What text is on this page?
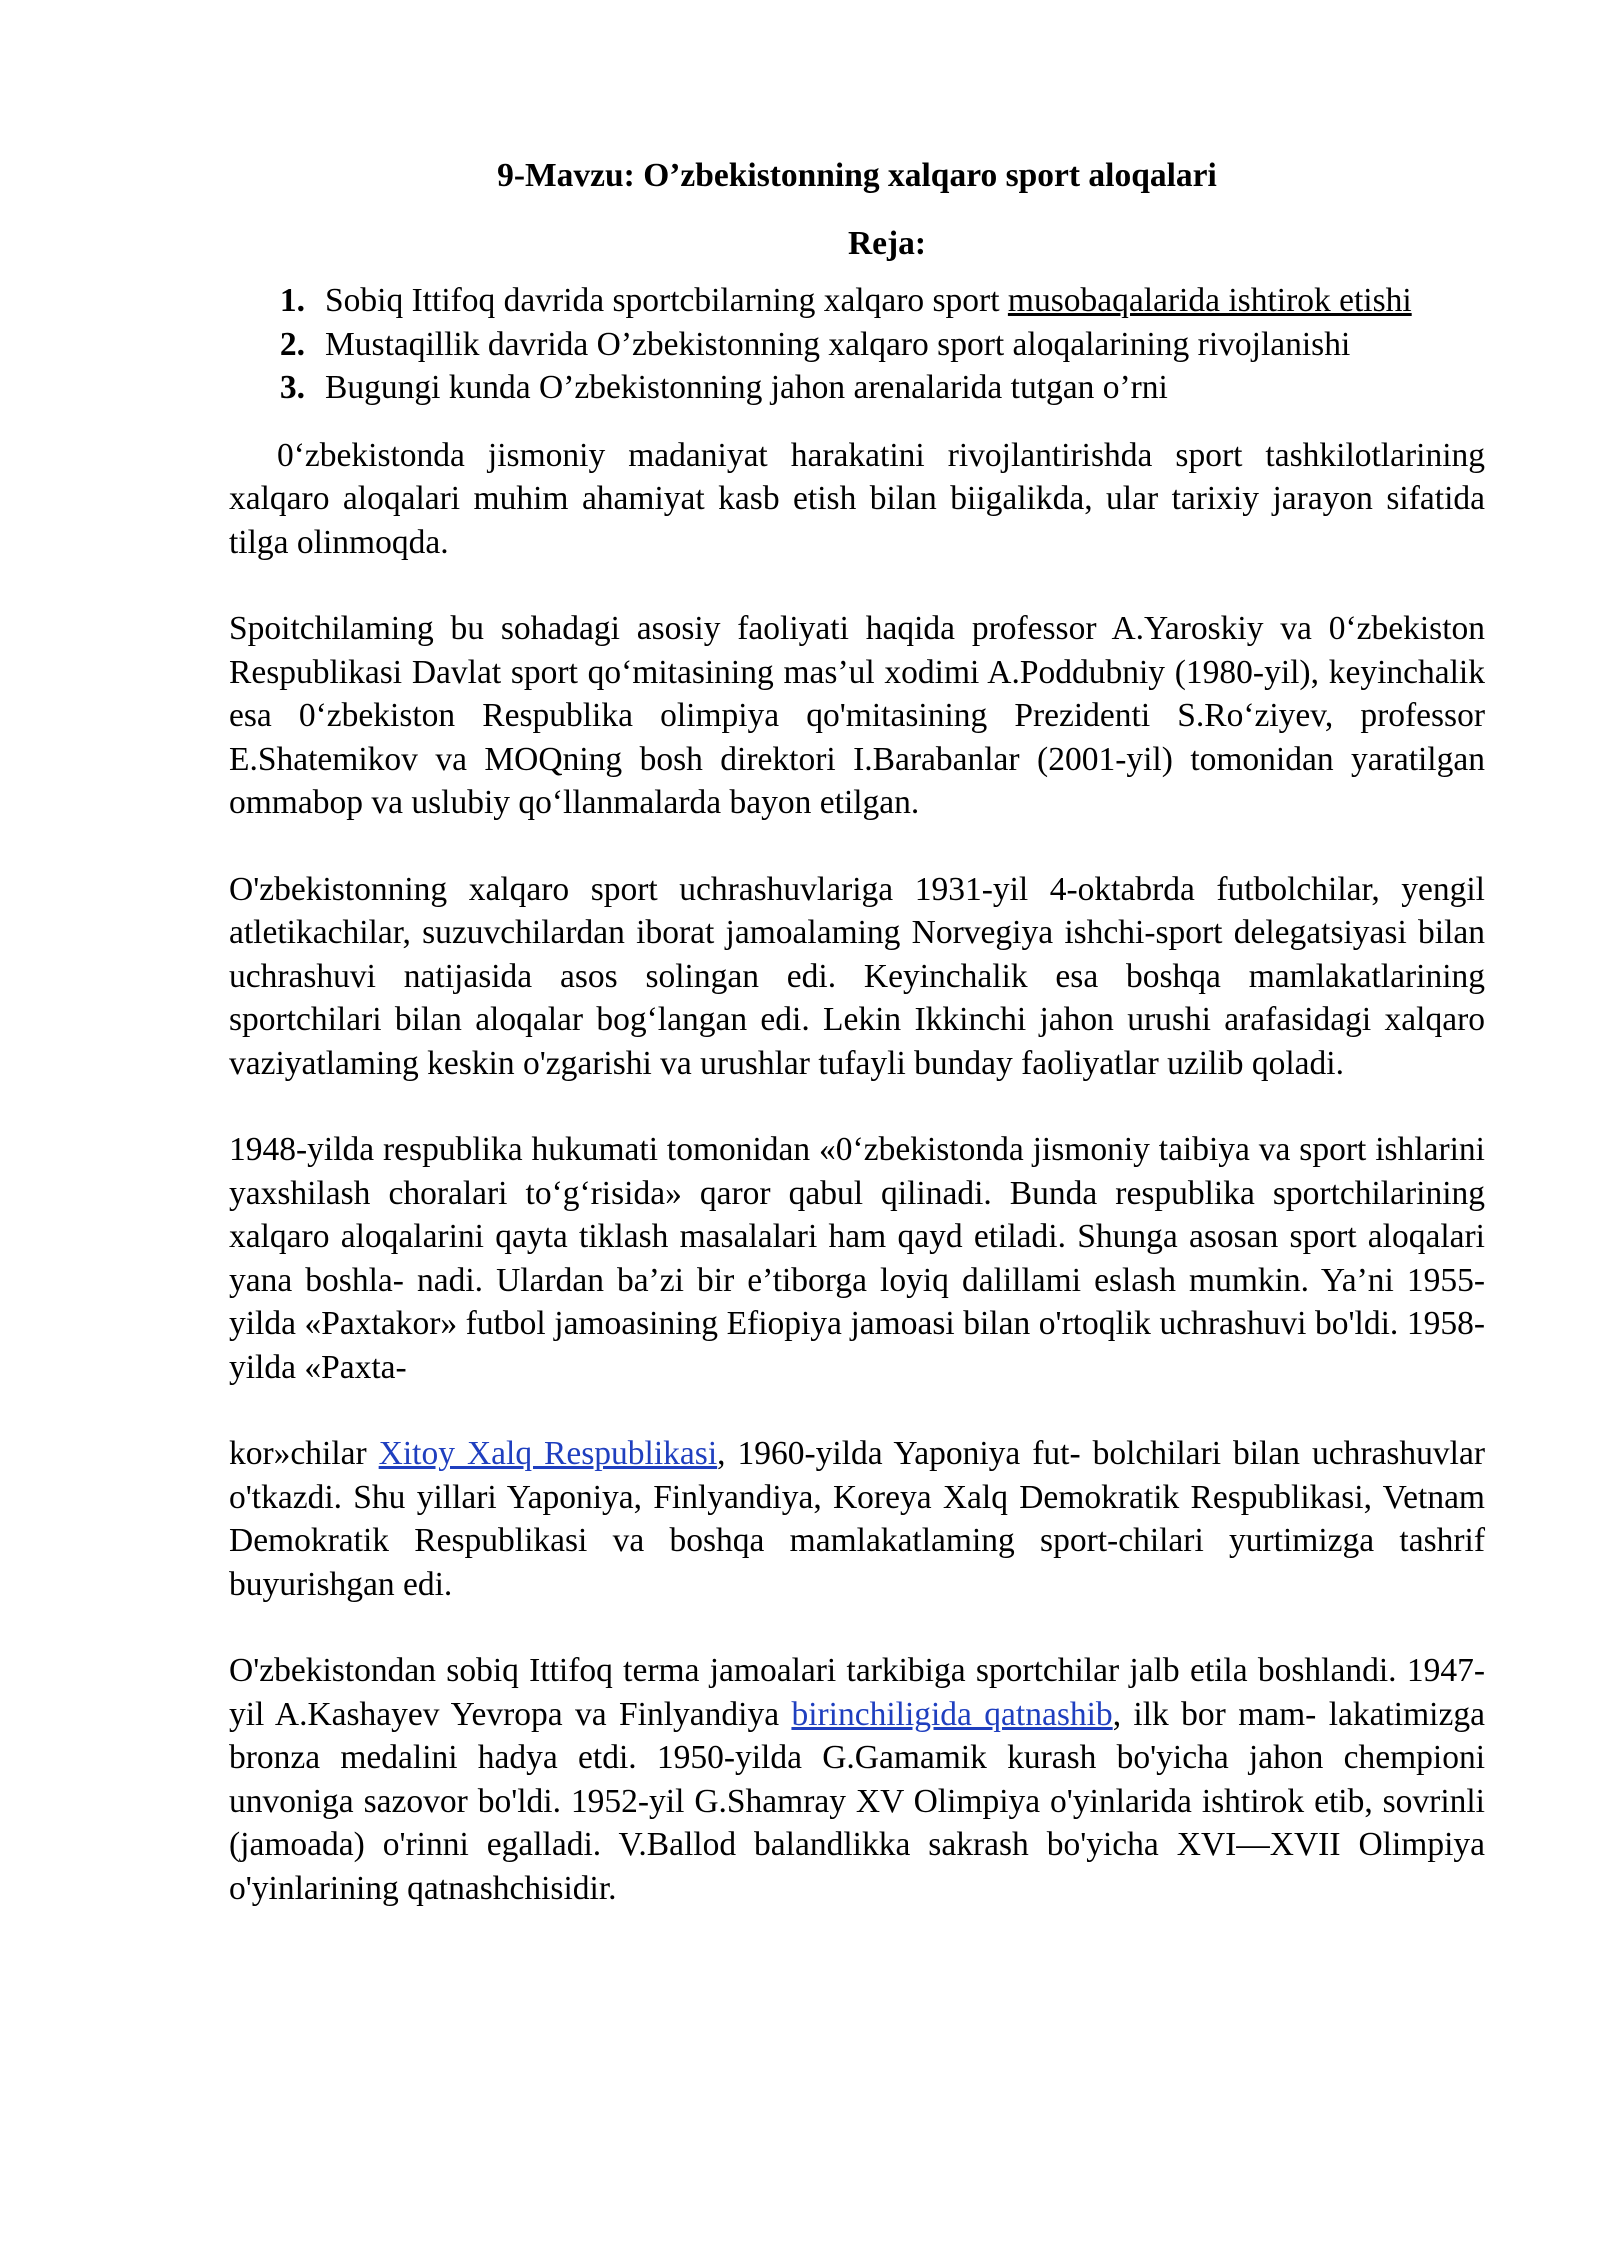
9-Mavzu: O’zbekistonning xalqaro sport aloqalari
Reja:
1. Sobiq Ittifoq davrida sportcbilarning xalqaro sport musobaqalarida ishtirok etishi
2. Mustaqillik davrida O’zbekistonning xalqaro sport aloqalarining rivojlanishi
3. Bugungi kunda O’zbekistonning jahon arenalarida tutgan o’rni

0‘zbekistonda jismoniy madaniyat harakatini rivojlantirishda sport tashkilotlarining xalqaro aloqalari muhim ahamiyat kasb etish bilan biigalikda, ular tarixiy jarayon sifatida tilga olinmoqda.

Spoitchilaming bu sohadagi asosiy faoliyati haqida professor A.Yaroskiy va 0‘zbekiston Respublikasi Davlat sport qo‘mitasining mas’ul xodimi A.Poddubniy (1980-yil), keyinchalik esa 0‘zbekiston Respublika olimpiya qo'mitasining Prezidenti S.Ro‘ziyev, professor E.Shatemikov va MOQning bosh direktori I.Barabanlar (2001-yil) tomonidan yaratilgan ommabop va uslubiy qo‘llanmalarda bayon etilgan.

O'zbekistonning xalqaro sport uchrashuvlariga 1931-yil 4-oktabrda futbolchilar, yengil atletikachilar, suzuvchilardan iborat jamoalaming Norvegiya ishchi-sport delegatsiyasi bilan uchrashuvi natijasida asos solingan edi. Keyinchalik esa boshqa mamlakatlarining sportchilari bilan aloqalar bog‘langan edi. Lekin Ikkinchi jahon urushi arafasidagi xalqaro vaziyatlaming keskin o'zgarishi va urushlar tufayli bunday faoliyatlar uzilib qoladi.

1948-yilda respublika hukumati tomonidan «0‘zbekistonda jismoniy taibiya va sport ishlarini yaxshilash choralari to‘g‘risida» qaror qabul qilinadi. Bunda respublika sportchilarining xalqaro aloqalarini qayta tiklash masalalari ham qayd etiladi. Shunga asosan sport aloqalari yana boshla- nadi. Ulardan ba’zi bir e’tiborga loyiq dalillami eslash mumkin. Ya’ni 1955-yilda «Paxtakor» futbol jamoasining Efiopiya jamoasi bilan o'rtoqlik uchrashuvi bo'ldi. 1958-yilda «Paxta-

kor»chilar Xitoy Xalq Respublikasi, 1960-yilda Yaponiya fut- bolchilari bilan uchrashuvlar o'tkazdi. Shu yillari Yaponiya, Finlyandiya, Koreya Xalq Demokratik Respublikasi, Vetnam Demokratik Respublikasi va boshqa mamlakatlaming sport-chilari yurtimizga tashrif buyurishgan edi.

O'zbekistondan sobiq Ittifoq terma jamoalari tarkibiga sportchilar jalb etila boshlandi. 1947-yil A.Kashayev Yevropa va Finlyandiya birinchiligida qatnashib, ilk bor mam- lakatimizga bronza medalini hadya etdi. 1950-yilda G.Gamamik kurash bo'yicha jahon chempioni unvoniga sazovor bo'ldi. 1952-yil G.Shamray XV Olimpiya o'yinlarida ishtirok etib, sovrinli (jamoada) o'rinni egalladi. V.Ballod balandlikka sakrash bo'yicha XVI—XVII Olimpiya o'yinlarining qatnashchisidir.
